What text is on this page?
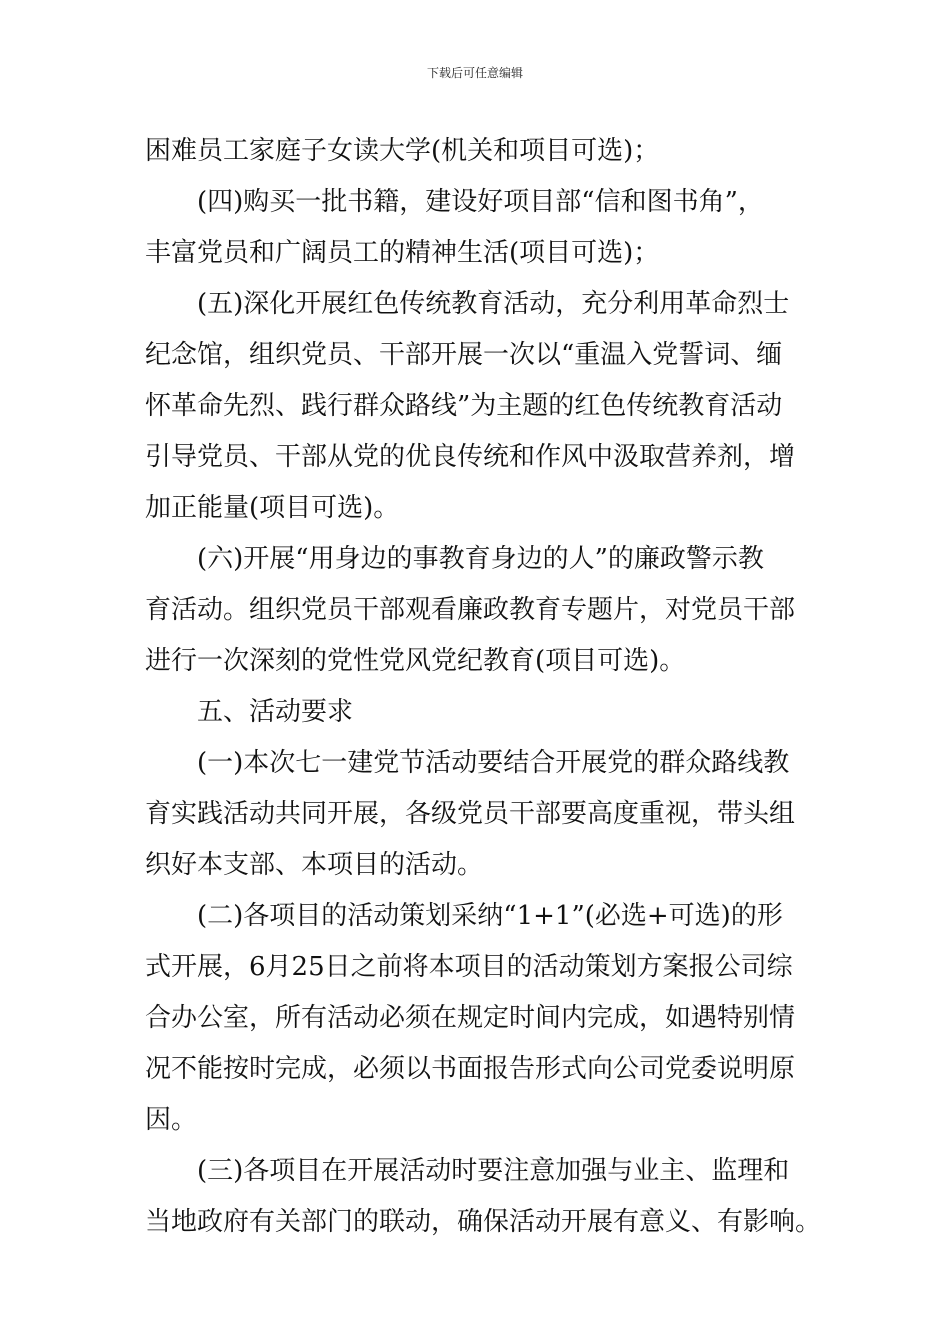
下载后可任意编辑
困难员工家庭子女读大学(机关和项目可选)；
(四)购买一批书籍，建设好项目部“信和图书角”，
丰富党员和广阔员工的精神生活(项目可选)；
(五)深化开展红色传统教育活动，充分利用革命烈士
纪念馆，组织党员、干部开展一次以“重温入党誓词、缅
怀革命先烈、践行群众路线”为主题的红色传统教育活动
引导党员、干部从党的优良传统和作风中汲取营养剂，增
加正能量(项目可选)。
(六)开展“用身边的事教育身边的人”的廉政警示教
育活动。组织党员干部观看廉政教育专题片，对党员干部
进行一次深刻的党性党风党纪教育(项目可选)。
五、活动要求
(一)本次七一建党节活动要结合开展党的群众路线教
育实践活动共同开展，各级党员干部要高度重视，带头组
织好本支部、本项目的活动。
(二)各项目的活动策划采纳“1+1”(必选+可选)的形
式开展，6月25日之前将本项目的活动策划方案报公司综
合办公室，所有活动必须在规定时间内完成，如遇特别情
况不能按时完成，必须以书面报告形式向公司党委说明原
因。
(三)各项目在开展活动时要注意加强与业主、监理和
当地政府有关部门的联动，确保活动开展有意义、有影响。
